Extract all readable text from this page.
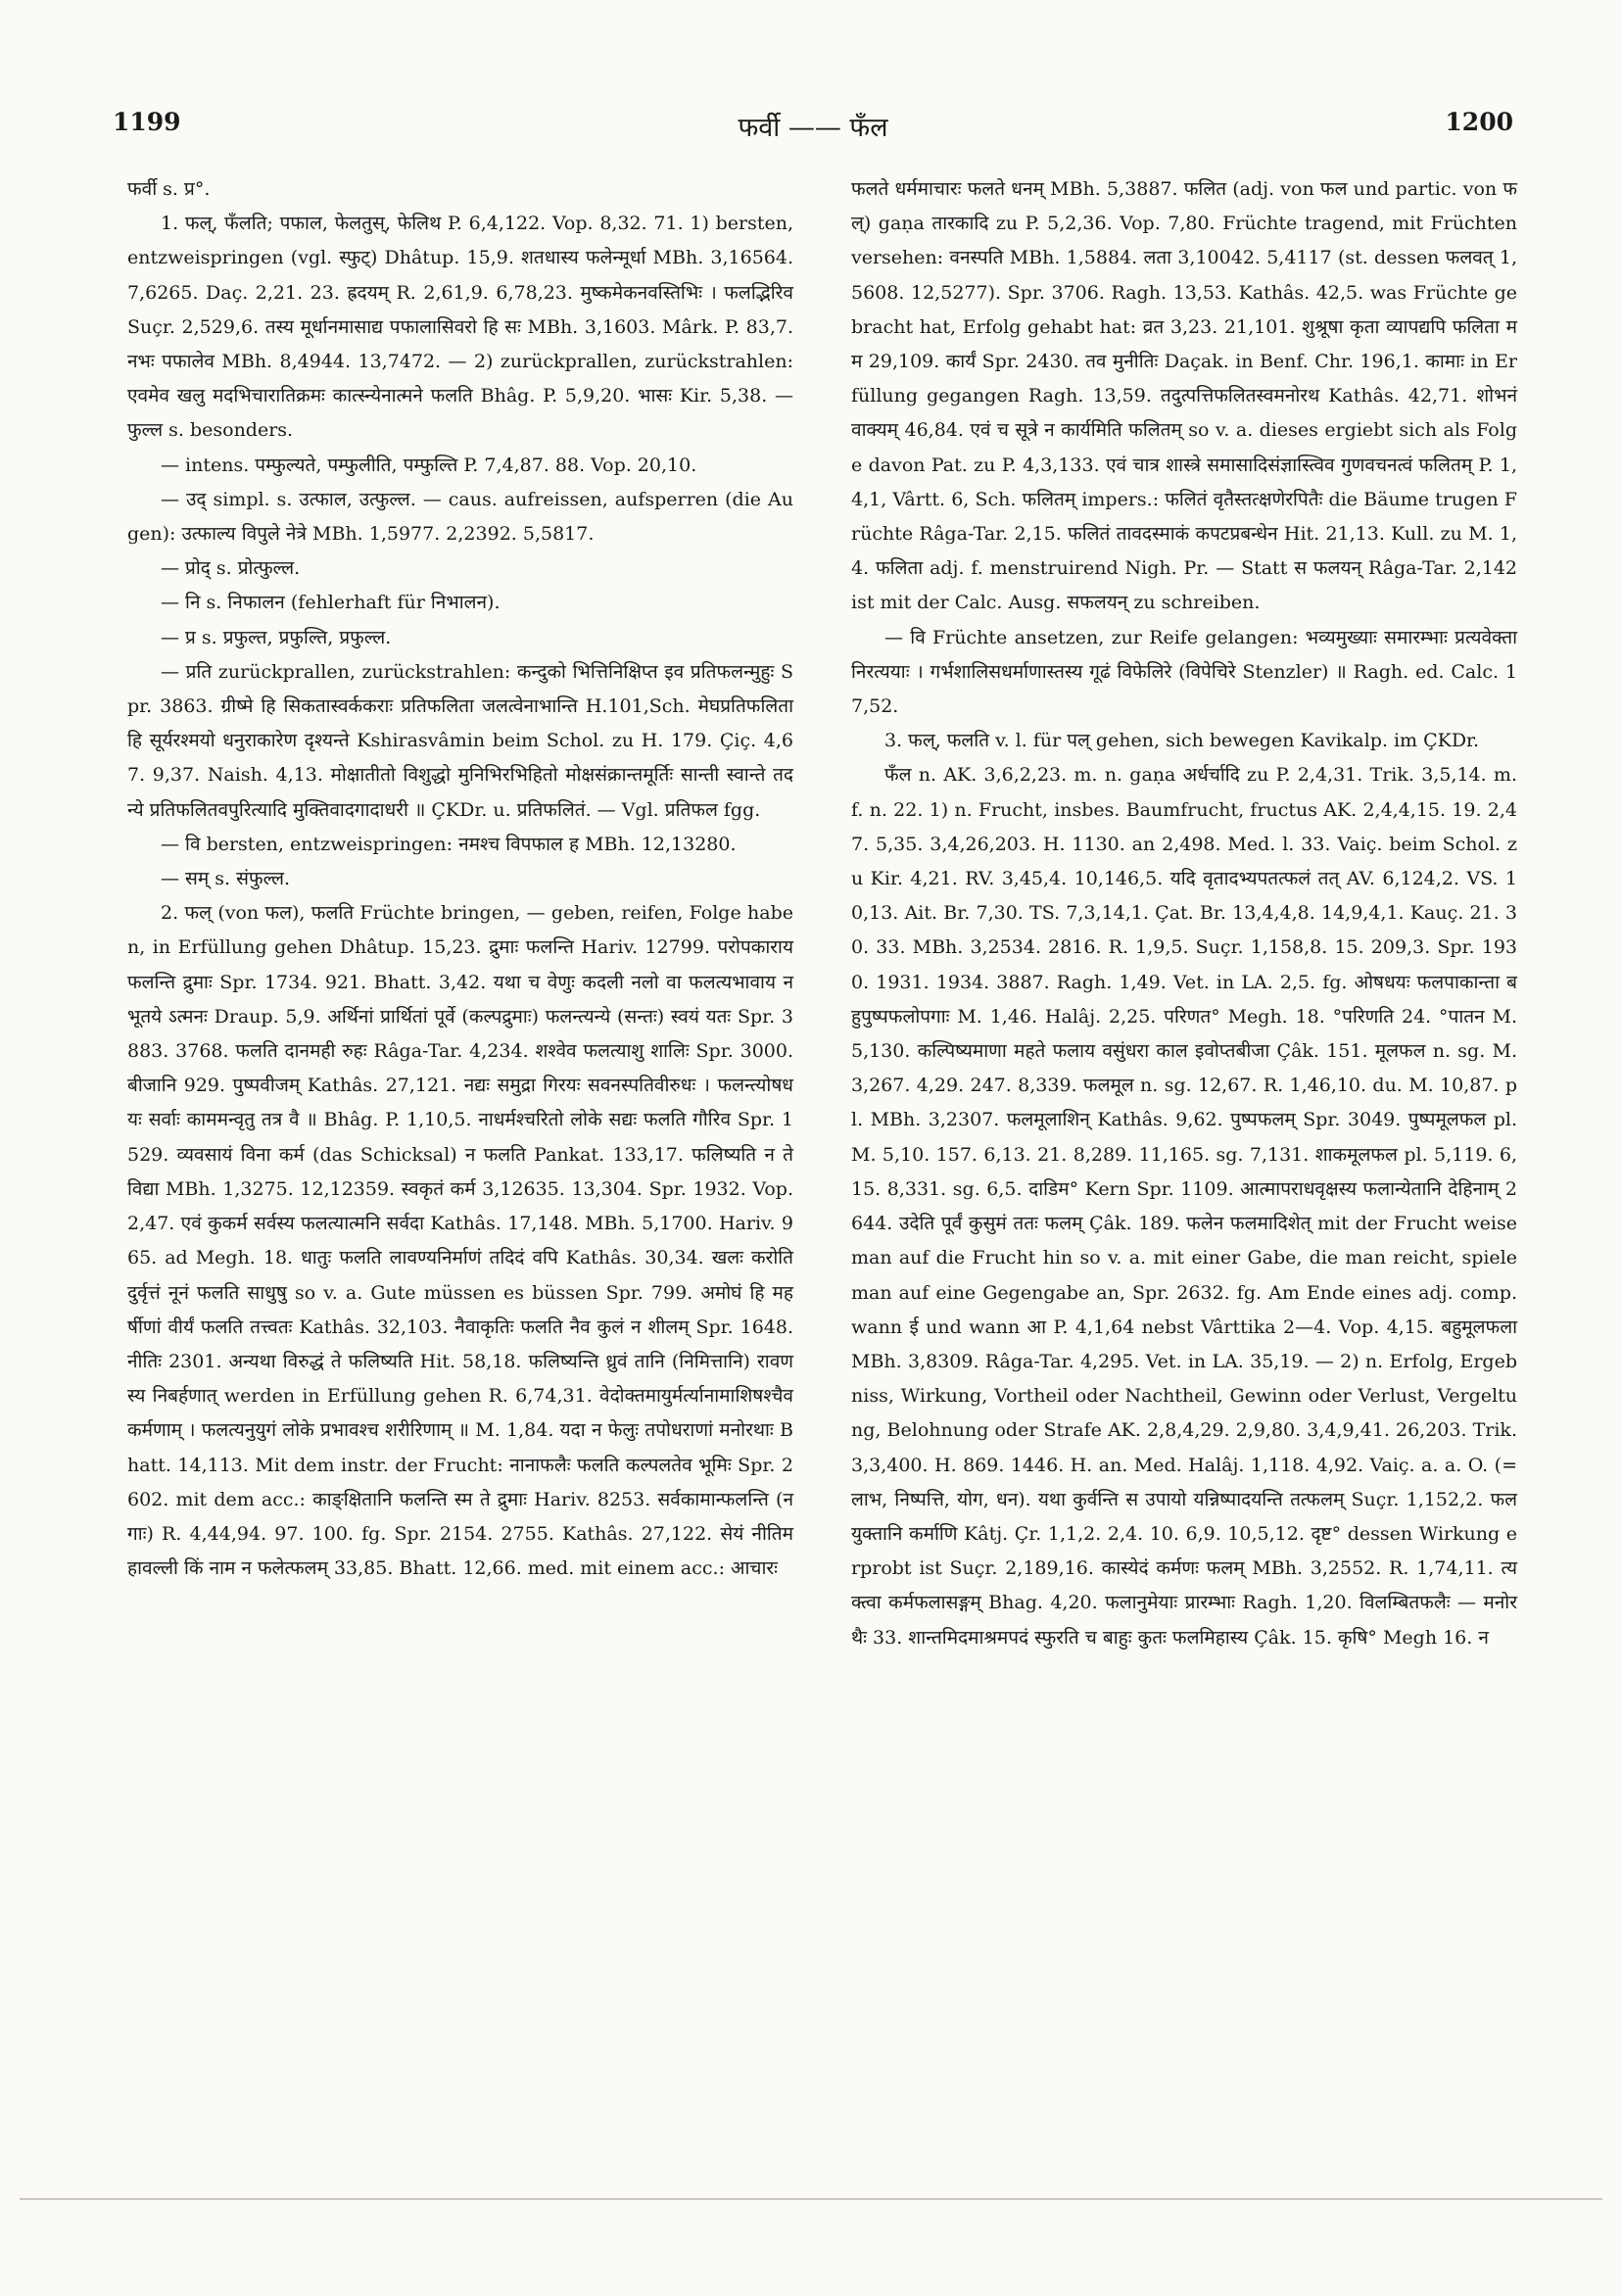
1199	फर्वी —— फँल	1200

फर्वी s. प्र°.

1. फल्, फँलति; पफाल, फेलतुस्, फेलिथ P. 6,4,122. Vop. 8,32. 71. 1) bersten, entzweispringen (vgl. स्फुट्) Dhâtup. 15,9. शतधास्य फलेन्मूर्धा MBh. 3,16564. 7,6265. Daç. 2,21. 23. ह्रदयम् R. 2,61,9. 6,78,23. मुष्कमेकनवस्तिभिः । फलद्भिरिव Suçr. 2,529,6. तस्य मूर्धानमासाद्य पफालासिवरो हि सः MBh. 3,1603. Mârk. P. 83,7. नभः पफालेव MBh. 8,4944. 13,7472. — 2) zurückprallen, zurückstrahlen: एवमेव खलु मदभिचारातिक्रमः कात्स्न्येनात्मने फलति Bhâg. P. 5,9,20. भासः Kir. 5,38. — फुल्ल s. besonders.

— intens. पम्फुल्यते, पम्फुलीति, पम्फुल्ति P. 7,4,87. 88. Vop. 20,10.

— उद् simpl. s. उत्फाल, उत्फुल्ल. — caus. aufreissen, aufsperren (die Augen): उत्फाल्य विपुले नेत्रे MBh. 1,5977. 2,2392. 5,5817.

— प्रोद् s. प्रोत्फुल्ल.

— नि s. निफालन (fehlerhaft für निभालन).

— प्र s. प्रफुल्त, प्रफुल्ति, प्रफुल्ल.

— प्रति zurückprallen, zurückstrahlen: कन्दुको भित्तिनिक्षिप्त इव प्रतिफलन्मुहुः Spr. 3863. ग्रीष्मे हि सिकतास्वर्ककराः प्रतिफलिता जलत्वेनाभान्ति H.101,Sch. मेघप्रतिफलिता हि सूर्यरश्मयो धनुराकारेण दृश्यन्ते Kshirasvâmin beim Schol. zu H. 179. Çiç. 4,67. 9,37. Naish. 4,13. मोक्षातीतो विशुद्धो मुनिभिरभिहितो मोक्षसंक्रान्तमूर्तिः सान्ती स्वान्ते तदन्ये प्रतिफलितवपुरित्यादि मुक्तिवादगादाधरी ॥ ÇKDr. u. प्रतिफलितं. — Vgl. प्रतिफल fgg.

— वि bersten, entzweispringen: नमश्च विपफाल ह MBh. 12,13280.

— सम् s. संफुल्ल.

2. फल् (von फल), फलति Früchte bringen, — geben, reifen, Folge haben, in Erfüllung gehen Dhâtup. 15,23. द्रुमाः फलन्ति Hariv. 12799. परोपकाराय फलन्ति द्रुमाः Spr. 1734. 921. Bhatt. 3,42. यथा च वेणुः कदली नलो वा फलत्यभावाय न भूतये ऽत्मनः Draup. 5,9. अर्थिनां प्रार्थितां पूर्वे (कल्पद्रुमाः) फलन्त्यन्ये (सन्तः) स्वयं यतः Spr. 3883. 3768. फलति दानमही रुहः Râga-Tar. 4,234. शश्वेव फलत्याशु शालिः Spr. 3000. बीजानि 929. पुष्पवीजम् Kathâs. 27,121. नद्यः समुद्रा गिरयः सवनस्पतिवीरुधः । फलन्त्योषधयः सर्वाः काममन्वृतु तत्र वै ॥ Bhâg. P. 1,10,5. नाधर्मश्चरितो लोके सद्यः फलति गौरिव Spr. 1529. व्यवसायं विना कर्म (das Schicksal) न फलति Pankat. 133,17. फलिष्यति न ते विद्या MBh. 1,3275. 12,12359. स्वकृतं कर्म 3,12635. 13,304. Spr. 1932. Vop. 2,47. एवं कुकर्म सर्वस्य फलत्यात्मनि सर्वदा Kathâs. 17,148. MBh. 5,1700. Hariv. 965. ad Megh. 18. धातुः फलति लावण्यनिर्माणं तदिदं वपि Kathâs. 30,34. खलः करोति दुर्वृत्तं नूनं फलति साधुषु so v. a. Gute müssen es büssen Spr. 799. अमोघं हि महर्षीणां वीर्यं फलति तत्त्वतः Kathâs. 32,103. नैवाकृतिः फलति नैव कुलं न शीलम् Spr. 1648. नीतिः 2301. अन्यथा विरुद्धं ते फलिष्यति Hit. 58,18. फलिष्यन्ति ध्रुवं तानि (निमित्तानि) रावणस्य निबर्हणात् werden in Erfüllung gehen R. 6,74,31. वेदोक्तमायुर्मर्त्यानामाशिषश्चैव कर्मणाम् । फलत्यनुयुगं लोके प्रभावश्च शरीरिणाम् ॥ M. 1,84. यदा न फेलुः तपोधराणां मनोरथाः Bhatt. 14,113. Mit dem instr. der Frucht: नानाफलैः फलति कल्पलतेव भूमिः Spr. 2602. mit dem acc.: काङ्क्षितानि फलन्ति स्म ते द्रुमाः Hariv. 8253. सर्वकामान्फलन्ति (नगाः) R. 4,44,94. 97. 100. fg. Spr. 2154. 2755. Kathâs. 27,122. सेयं नीतिमहावल्ली किं नाम न फलेत्फलम् 33,85. Bhatt. 12,66. med. mit einem acc.: आचारः

फलते धर्ममाचारः फलते धनम् MBh. 5,3887. फलित (adj. von फल und partic. von फल्) gaṇa तारकादि zu P. 5,2,36. Vop. 7,80. Früchte tragend, mit Früchten versehen: वनस्पति MBh. 1,5884. लता 3,10042. 5,4117 (st. dessen फलवत् 1,5608. 12,5277). Spr. 3706. Ragh. 13,53. Kathâs. 42,5. was Früchte gebracht hat, Erfolg gehabt hat: व्रत 3,23. 21,101. शुश्रूषा कृता व्यापद्यपि फलिता मम 29,109. कार्यं Spr. 2430. तव मुनीतिः Daçak. in Benf. Chr. 196,1. कामाः in Erfüllung gegangen Ragh. 13,59. तदुत्पत्तिफलितस्वमनोरथ Kathâs. 42,71. शोभनं वाक्यम् 46,84. एवं च सूत्रे न कार्यमिति फलितम् so v. a. dieses ergiebt sich als Folge davon Pat. zu P. 4,3,133. एवं चात्र शास्त्रे समासादिसंज्ञास्त्विव गुणवचनत्वं फलितम् P. 1,4,1, Vârtt. 6, Sch. फलितम् impers.: फलितं वृतैस्तत्क्षणेरपितैः die Bäume trugen Früchte Râga-Tar. 2,15. फलितं तावदस्माकं कपटप्रबन्धेन Hit. 21,13. Kull. zu M. 1,4. फलिता adj. f. menstruirend Nigh. Pr. — Statt स फलयन् Râga-Tar. 2,142 ist mit der Calc. Ausg. सफलयन् zu schreiben.

— वि Früchte ansetzen, zur Reife gelangen: भव्यमुख्याः समारम्भाः प्रत्यवेक्ता निरत्ययाः । गर्भशालिसधर्माणास्तस्य गूढं विफेलिरे (विपेचिरे Stenzler) ॥ Ragh. ed. Calc. 17,52.

3. फल्, फलति v. l. für पल् gehen, sich bewegen Kavikalp. im ÇKDr.

फँल n. AK. 3,6,2,23. m. n. gaṇa अर्धर्चादि zu P. 2,4,31. Trik. 3,5,14. m. f. n. 22. 1) n. Frucht, insbes. Baumfrucht, fructus AK. 2,4,4,15. 19. 2,47. 5,35. 3,4,26,203. H. 1130. an 2,498. Med. l. 33. Vaiç. beim Schol. zu Kir. 4,21. RV. 3,45,4. 10,146,5. यदि वृतादभ्यपतत्फलं तत् AV. 6,124,2. VS. 10,13. Ait. Br. 7,30. TS. 7,3,14,1. Çat. Br. 13,4,4,8. 14,9,4,1. Kauç. 21. 30. 33. MBh. 3,2534. 2816. R. 1,9,5. Suçr. 1,158,8. 15. 209,3. Spr. 1930. 1931. 1934. 3887. Ragh. 1,49. Vet. in LA. 2,5. fg. ओषधयः फलपाकान्ता बहुपुष्पफलोपगाः M. 1,46. Halâj. 2,25. परिणत° Megh. 18. °परिणति 24. °पातन M. 5,130. कल्पिष्यमाणा महते फलाय वसुंधरा काल इवोप्तबीजा Çâk. 151. मूलफल n. sg. M. 3,267. 4,29. 247. 8,339. फलमूल n. sg. 12,67. R. 1,46,10. du. M. 10,87. pl. MBh. 3,2307. फलमूलाशिन् Kathâs. 9,62. पुष्पफलम् Spr. 3049. पुष्पमूलफल pl. M. 5,10. 157. 6,13. 21. 8,289. 11,165. sg. 7,131. शाकमूलफल pl. 5,119. 6,15. 8,331. sg. 6,5. दाडिम° Kern Spr. 1109. आत्मापराधवृक्षस्य फलान्येतानि देहिनाम् 2644. उदेति पूर्वं कुसुमं ततः फलम् Çâk. 189. फलेन फलमादिशेत् mit der Frucht weise man auf die Frucht hin so v. a. mit einer Gabe, die man reicht, spiele man auf eine Gegengabe an, Spr. 2632. fg. Am Ende eines adj. comp. wann ई und wann आ P. 4,1,64 nebst Vârttika 2—4. Vop. 4,15. बहुमूलफला MBh. 3,8309. Râga-Tar. 4,295. Vet. in LA. 35,19. — 2) n. Erfolg, Ergebniss, Wirkung, Vortheil oder Nachtheil, Gewinn oder Verlust, Vergeltung, Belohnung oder Strafe AK. 2,8,4,29. 2,9,80. 3,4,9,41. 26,203. Trik. 3,3,400. H. 869. 1446. H. an. Med. Halâj. 1,118. 4,92. Vaiç. a. a. O. (= लाभ, निष्पत्ति, योग, धन). यथा कुर्वन्ति स उपायो यन्निष्पादयन्ति तत्फलम् Suçr. 1,152,2. फलयुक्तानि कर्माणि Kâtj. Çr. 1,1,2. 2,4. 10. 6,9. 10,5,12. दृष्ट° dessen Wirkung erprobt ist Suçr. 2,189,16. कास्येदं कर्मणः फलम् MBh. 3,2552. R. 1,74,11. त्यक्त्वा कर्मफलासङ्गम् Bhag. 4,20. फलानुमेयाः प्रारम्भाः Ragh. 1,20. विलम्बितफलैः — मनोरथैः 33. शान्तमिदमाश्रमपदं स्फुरति च बाहुः कुतः फलमिहास्य Çâk. 15. कृषि° Megh 16. न
